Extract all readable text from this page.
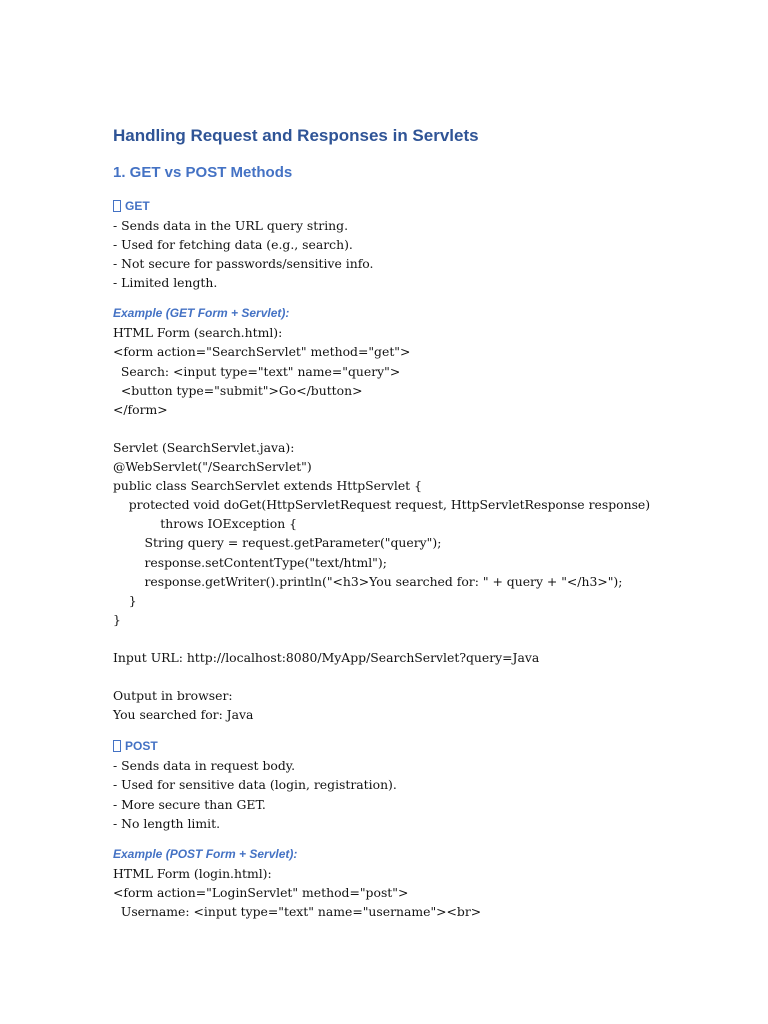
Handling Request and Responses in Servlets
1. GET vs POST Methods
GET
- Sends data in the URL query string.
- Used for fetching data (e.g., search).
- Not secure for passwords/sensitive info.
- Limited length.
Example (GET Form + Servlet):
HTML Form (search.html):
<form action="SearchServlet" method="get">
Search: <input type="text" name="query">
<button type="submit">Go</button>
</form>
Servlet (SearchServlet.java):
@WebServlet("/SearchServlet")
public class SearchServlet extends HttpServlet {
protected void doGet(HttpServletRequest request, HttpServletResponse response)
throws IOException {
String query = request.getParameter("query");
response.setContentType("text/html");
response.getWriter().println("<h3>You searched for: " + query + "</h3>");
}
}
Input URL: http://localhost:8080/MyApp/SearchServlet?query=Java
Output in browser:
You searched for: Java
POST
- Sends data in request body.
- Used for sensitive data (login, registration).
- More secure than GET.
- No length limit.
Example (POST Form + Servlet):
HTML Form (login.html):
<form action="LoginServlet" method="post">
Username: <input type="text" name="username"><br>
